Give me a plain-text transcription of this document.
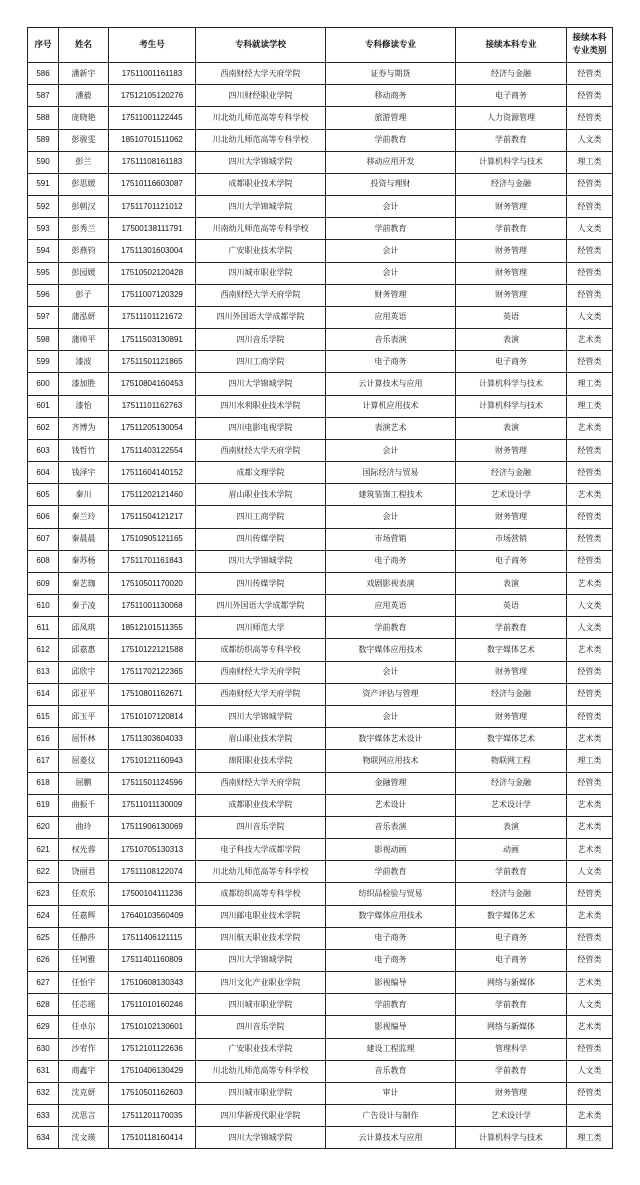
序号	姓名	考生号	专科就读学校	专科修读专业	接续本科专业	接续本科专业类别
586	潘新宇	17511001161183	西南财经大学天府学院	证券与期货	经济与金融	经管类
587	潘毅	17512105120276	四川财经职业学院	移动商务	电子商务	经管类
588	庞晓艳	17511001122445	川北幼儿师范高等专科学校	旅游管理	人力资源管理	经管类
589	彭骏雯	18510701511062	川北幼儿师范高等专科学校	学前教育	学前教育	人文类
590	彭兰	17511108161183	四川大学锦城学院	移动应用开发	计算机科学与技术	理工类
591	彭思媛	17510116603087	成都职业技术学院	投资与理财	经济与金融	经管类
592	彭朝汉	17511701121012	四川大学锦城学院	会计	财务管理	经管类
593	彭秀兰	17500138111791	川南幼儿师范高等专科学校	学前教育	学前教育	人文类
594	彭燕钧	17511301603004	广安职业技术学院	会计	财务管理	经管类
595	彭园媛	17510502120428	四川城市职业学院	会计	财务管理	经管类
596	彭子	17511007120329	西南财经大学天府学院	财务管理	财务管理	经管类
597	蒲泓妍	17511101121672	四川外国语大学成都学院	应用英语	英语	人文类
598	蒲帅平	17511503130891	四川音乐学院	音乐表演	表演	艺术类
599	漆波	17511501121865	四川工商学院	电子商务	电子商务	经管类
600	漆加胜	17510804160453	四川大学锦城学院	云计算技术与应用	计算机科学与技术	理工类
601	漆怡	17511101162763	四川水利职业技术学院	计算机应用技术	计算机科学与技术	理工类
602	齐博为	17511205130054	四川电影电视学院	表演艺术	表演	艺术类
603	钱哲竹	17511403122554	西南财经大学天府学院	会计	财务管理	经管类
604	钱泽宇	17511604140152	成都文理学院	国际经济与贸易	经济与金融	经管类
605	秦川	17511202121460	眉山职业技术学院	建筑装饰工程技术	艺术设计学	艺术类
606	秦兰玲	17511504121217	四川工商学院	会计	财务管理	经管类
607	秦晨晨	17510905121165	四川传媒学院	市场营销	市场营销	经管类
608	秦苏杨	17511701161843	四川大学锦城学院	电子商务	电子商务	经管类
609	秦艺珈	17510501170020	四川传媒学院	戏剧影视表演	表演	艺术类
610	秦子凌	17511001130068	四川外国语大学成都学院	应用英语	英语	人文类
611	邱凤琪	18512101511355	四川师范大学	学前教育	学前教育	人文类
612	邱嘉惠	17510122121588	成都纺织高等专科学校	数字媒体应用技术	数字媒体艺术	艺术类
613	邱欣宇	17511702122365	西南财经大学天府学院	会计	财务管理	经管类
614	邱亚平	17510801162671	西南财经大学天府学院	资产评估与管理	经济与金融	经管类
615	邱玉平	17510107120814	四川大学锦城学院	会计	财务管理	经管类
616	屈怀林	17511303604033	眉山职业技术学院	数字媒体艺术设计	数字媒体艺术	艺术类
617	屈菱仪	17510121160943	绵阳职业技术学院	物联网应用技术	物联网工程	理工类
618	屈鹏	17511501124596	西南财经大学天府学院	金融管理	经济与金融	经管类
619	曲振千	17511011130009	成都职业技术学院	艺术设计	艺术设计学	艺术类
620	曲玲	17511906130069	四川音乐学院	音乐表演	表演	艺术类
621	权光蓉	17510705130313	电子科技大学成都学院	影视动画	动画	艺术类
622	饶丽君	17511108122074	川北幼儿师范高等专科学校	学前教育	学前教育	人文类
623	任欢乐	17500104111236	成都纺织高等专科学校	纺织品检验与贸易	经济与金融	经管类
624	任嘉辉	17640103560409	四川邮电职业技术学院	数字媒体应用技术	数字媒体艺术	艺术类
625	任静莎	17511406121115	四川航天职业技术学院	电子商务	电子商务	经管类
626	任钶雅	17511401160809	四川大学锦城学院	电子商务	电子商务	经管类
627	任怡宇	17510608130343	四川文化产业职业学院	影视编导	网络与新媒体	艺术类
628	任芯瑶	17511010160246	四川城市职业学院	学前教育	学前教育	人文类
629	任卓尔	17510102130601	四川音乐学院	影视编导	网络与新媒体	艺术类
630	沙宥作	17512101122636	广安职业技术学院	建设工程监理	管理科学	经管类
631	商鑫宇	17510406130429	川北幼儿师范高等专科学校	音乐教育	学前教育	人文类
632	沈克妍	17510501162603	四川城市职业学院	审计	财务管理	经管类
633	沈思言	17511201170035	四川华新现代职业学院	广告设计与制作	艺术设计学	艺术类
634	沈文瑛	17510118160414	四川大学锦城学院	云计算技术与应用	计算机科学与技术	理工类
